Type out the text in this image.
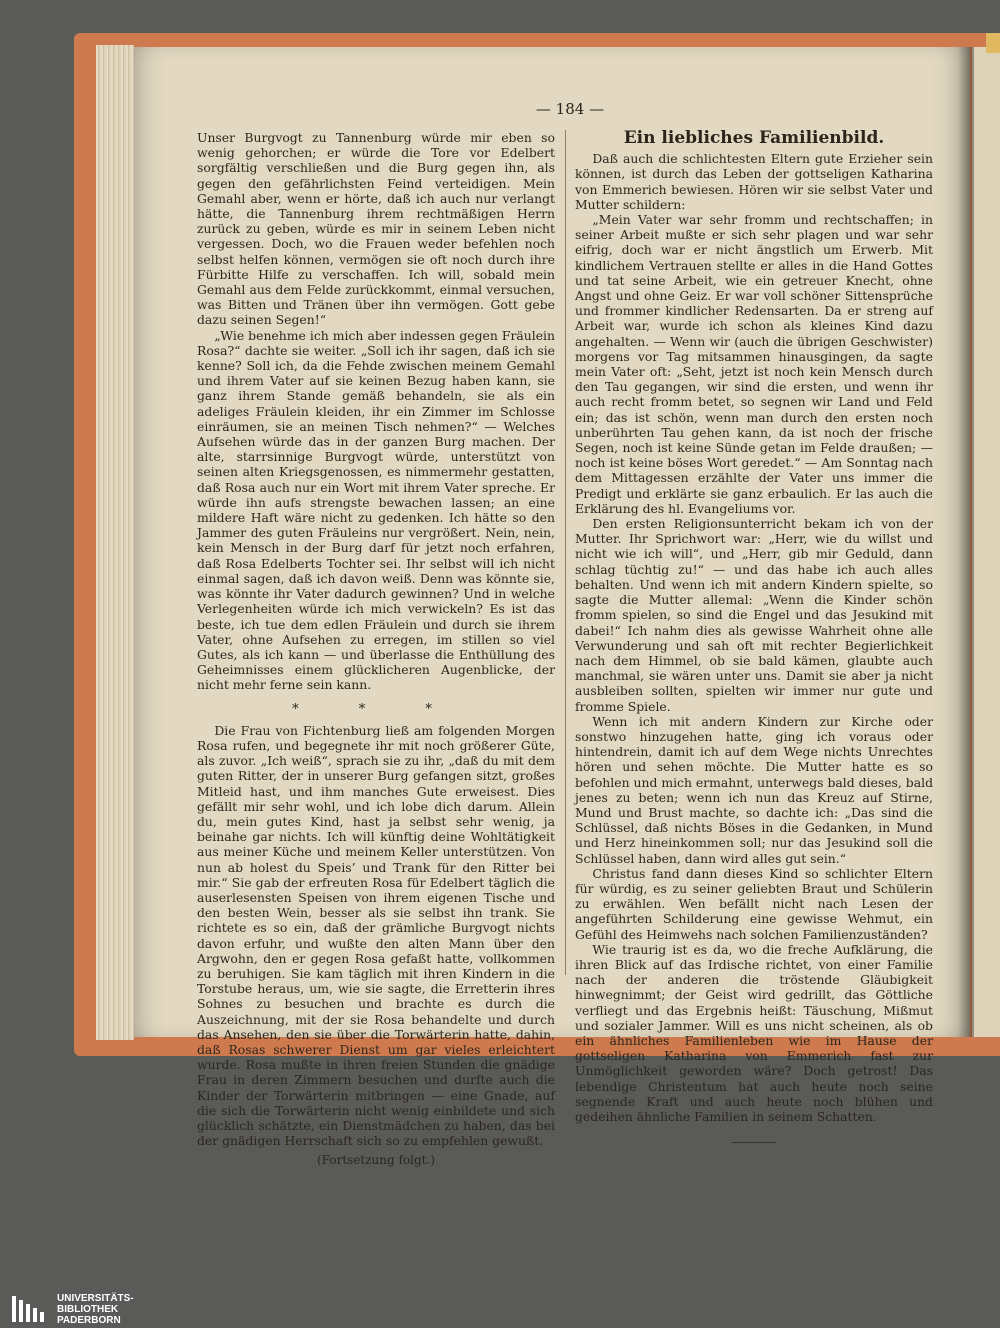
— 184 —

Unser Burgvogt zu Tannenburg würde mir eben so wenig gehorchen; er würde die Tore vor Edelbert sorgfältig verschließen und die Burg gegen ihn, als gegen den gefährlichsten Feind verteidigen. Mein Gemahl aber, wenn er hörte, daß ich auch nur verlangt hätte, die Tannenburg ihrem rechtmäßigen Herrn zurück zu geben, würde es mir in seinem Leben nicht vergessen. Doch, wo die Frauen weder befehlen noch selbst helfen können, vermögen sie oft noch durch ihre Fürbitte Hilfe zu verschaffen. Ich will, sobald mein Gemahl aus dem Felde zurückkommt, einmal versuchen, was Bitten und Tränen über ihn vermögen. Gott gebe dazu seinen Segen!“

„Wie benehme ich mich aber indessen gegen Fräulein Rosa?“ dachte sie weiter. „Soll ich ihr sagen, daß ich sie kenne? Soll ich, da die Fehde zwischen meinem Gemahl und ihrem Vater auf sie keinen Bezug haben kann, sie ganz ihrem Stande gemäß behandeln, sie als ein adeliges Fräulein kleiden, ihr ein Zimmer im Schlosse einräumen, sie an meinen Tisch nehmen?“ — Welches Aufsehen würde das in der ganzen Burg machen. Der alte, starrsinnige Burgvogt würde, unterstützt von seinen alten Kriegsgenossen, es nimmermehr gestatten, daß Rosa auch nur ein Wort mit ihrem Vater spreche. Er würde ihn aufs strengste bewachen lassen; an eine mildere Haft wäre nicht zu gedenken. Ich hätte so den Jammer des guten Fräuleins nur vergrößert. Nein, nein, kein Mensch in der Burg darf für jetzt noch erfahren, daß Rosa Edelberts Tochter sei. Ihr selbst will ich nicht einmal sagen, daß ich davon weiß. Denn was könnte sie, was könnte ihr Vater dadurch gewinnen? Und in welche Verlegenheiten würde ich mich verwickeln? Es ist das beste, ich tue dem edlen Fräulein und durch sie ihrem Vater, ohne Aufsehen zu erregen, im stillen so viel Gutes, als ich kann — und überlasse die Enthüllung des Geheimnisses einem glücklicheren Augenblicke, der nicht mehr ferne sein kann.

* * *

Die Frau von Fichtenburg ließ am folgenden Morgen Rosa rufen, und begegnete ihr mit noch größerer Güte, als zuvor. „Ich weiß“, sprach sie zu ihr, „daß du mit dem guten Ritter, der in unserer Burg gefangen sitzt, großes Mitleid hast, und ihm manches Gute erweisest. Dies gefällt mir sehr wohl, und ich lobe dich darum. Allein du, mein gutes Kind, hast ja selbst sehr wenig, ja beinahe gar nichts. Ich will künftig deine Wohltätigkeit aus meiner Küche und meinem Keller unterstützen. Von nun ab holest du Speis’ und Trank für den Ritter bei mir.“ Sie gab der erfreuten Rosa für Edelbert täglich die auserlesensten Speisen von ihrem eigenen Tische und den besten Wein, besser als sie selbst ihn trank. Sie richtete es so ein, daß der grämliche Burgvogt nichts davon erfuhr, und wußte den alten Mann über den Argwohn, den er gegen Rosa gefaßt hatte, vollkommen zu beruhigen. Sie kam täglich mit ihren Kindern in die Torstube heraus, um, wie sie sagte, die Erretterin ihres Sohnes zu besuchen und brachte es durch die Auszeichnung, mit der sie Rosa behandelte und durch das Ansehen, den sie über die Torwärterin hatte, dahin, daß Rosas schwerer Dienst um gar vieles erleichtert wurde. Rosa mußte in ihren freien Stunden die gnädige Frau in deren Zimmern besuchen und durfte auch die Kinder der Torwärterin mitbringen — eine Gnade, auf die sich die Torwärterin nicht wenig einbildete und sich glücklich schätzte, ein Dienstmädchen zu haben, das bei der gnädigen Herrschaft sich so zu empfehlen gewußt.

(Fortsetzung folgt.)
Ein liebliches Familienbild.

Daß auch die schlichtesten Eltern gute Erzieher sein können, ist durch das Leben der gottseligen Katharina von Emmerich bewiesen. Hören wir sie selbst Vater und Mutter schildern:

„Mein Vater war sehr fromm und rechtschaffen; in seiner Arbeit mußte er sich sehr plagen und war sehr eifrig, doch war er nicht ängstlich um Erwerb. Mit kindlichem Vertrauen stellte er alles in die Hand Gottes und tat seine Arbeit, wie ein getreuer Knecht, ohne Angst und ohne Geiz. Er war voll schöner Sittensprüche und frommer kindlicher Redensarten. Da er streng auf Arbeit war, wurde ich schon als kleines Kind dazu angehalten. — Wenn wir (auch die übrigen Geschwister) morgens vor Tag mitsammen hinausgingen, da sagte mein Vater oft: „Seht, jetzt ist noch kein Mensch durch den Tau gegangen, wir sind die ersten, und wenn ihr auch recht fromm betet, so segnen wir Land und Feld ein; das ist schön, wenn man durch den ersten noch unberührten Tau gehen kann, da ist noch der frische Segen, noch ist keine Sünde getan im Felde draußen; — noch ist keine böses Wort geredet.“ — Am Sonntag nach dem Mittagessen erzählte der Vater uns immer die Predigt und erklärte sie ganz erbaulich. Er las auch die Erklärung des hl. Evangeliums vor.

Den ersten Religionsunterricht bekam ich von der Mutter. Ihr Sprichwort war: „Herr, wie du willst und nicht wie ich will“, und „Herr, gib mir Geduld, dann schlag tüchtig zu!“ — und das habe ich auch alles behalten. Und wenn ich mit andern Kindern spielte, so sagte die Mutter allemal: „Wenn die Kinder schön fromm spielen, so sind die Engel und das Jesukind mit dabei!“ Ich nahm dies als gewisse Wahrheit ohne alle Verwunderung und sah oft mit rechter Begierlichkeit nach dem Himmel, ob sie bald kämen, glaubte auch manchmal, sie wären unter uns. Damit sie aber ja nicht ausbleiben sollten, spielten wir immer nur gute und fromme Spiele.

Wenn ich mit andern Kindern zur Kirche oder sonstwo hinzugehen hatte, ging ich voraus oder hintendrein, damit ich auf dem Wege nichts Unrechtes hören und sehen möchte. Die Mutter hatte es so befohlen und mich ermahnt, unterwegs bald dieses, bald jenes zu beten; wenn ich nun das Kreuz auf Stirne, Mund und Brust machte, so dachte ich: „Das sind die Schlüssel, daß nichts Böses in die Gedanken, in Mund und Herz hineinkommen soll; nur das Jesukind soll die Schlüssel haben, dann wird alles gut sein.“

Christus fand dann dieses Kind so schlichter Eltern für würdig, es zu seiner geliebten Braut und Schülerin zu erwählen. Wen befällt nicht nach Lesen der angeführten Schilderung eine gewisse Wehmut, ein Gefühl des Heimwehs nach solchen Familienzuständen?

Wie traurig ist es da, wo die freche Aufklärung, die ihren Blick auf das Irdische richtet, von einer Familie nach der anderen die tröstende Gläubigkeit hinwegnimmt; der Geist wird gedrillt, das Göttliche verfliegt und das Ergebnis heißt: Täuschung, Mißmut und sozialer Jammer. Will es uns nicht scheinen, als ob ein ähnliches Familienleben wie im Hause der gottseligen Katharina von Emmerich fast zur Unmöglichkeit geworden wäre? Doch getrost! Das lebendige Christentum hat auch heute noch seine segnende Kraft und auch heute noch blühen und gedeihen ähnliche Familien in seinem Schatten.

UNIVERSITÄTS-
BIBLIOTHEK
PADERBORN
